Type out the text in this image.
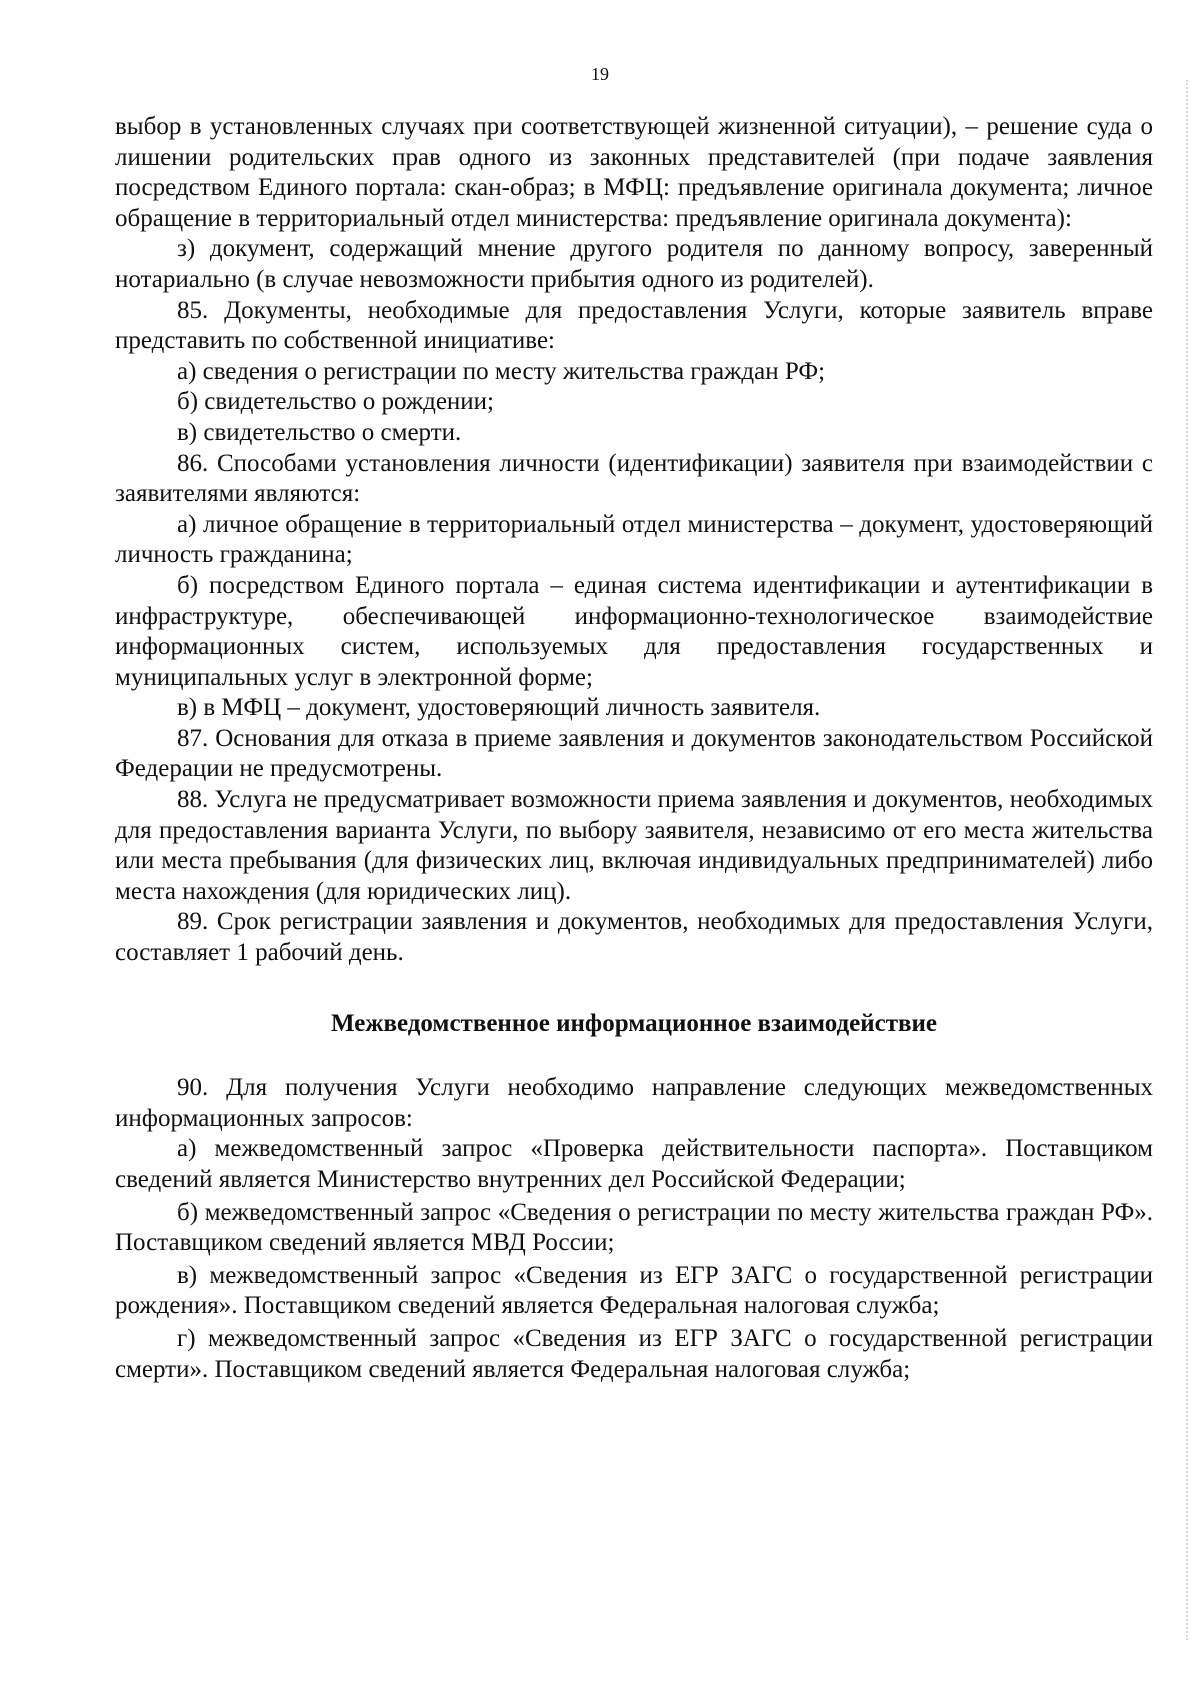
19

выбор в установленных случаях при соответствующей жизненной ситуации), – решение суда о лишении родительских прав одного из законных представителей (при подаче заявления посредством Единого портала: скан-образ; в МФЦ: предъявление оригинала документа; личное обращение в территориальный отдел министерства: предъявление оригинала документа):

з) документ, содержащий мнение другого родителя по данному вопросу, заверенный нотариально (в случае невозможности прибытия одного из родителей).

85. Документы, необходимые для предоставления Услуги, которые заявитель вправе представить по собственной инициативе:

а) сведения о регистрации по месту жительства граждан РФ;

б) свидетельство о рождении;

в) свидетельство о смерти.

86. Способами установления личности (идентификации) заявителя при взаимодействии с заявителями являются:

а) личное обращение в территориальный отдел министерства – документ, удостоверяющий личность гражданина;

б) посредством Единого портала – единая система идентификации и аутентификации в инфраструктуре, обеспечивающей информационно-технологическое взаимодействие информационных систем, используемых для предоставления государственных и муниципальных услуг в электронной форме;

в) в МФЦ – документ, удостоверяющий личность заявителя.

87. Основания для отказа в приеме заявления и документов законодательством Российской Федерации не предусмотрены.

88. Услуга не предусматривает возможности приема заявления и документов, необходимых для предоставления варианта Услуги, по выбору заявителя, независимо от его места жительства или места пребывания (для физических лиц, включая индивидуальных предпринимателей) либо места нахождения (для юридических лиц).

89. Срок регистрации заявления и документов, необходимых для предоставления Услуги, составляет 1 рабочий день.

Межведомственное информационное взаимодействие

90. Для получения Услуги необходимо направление следующих межведомственных информационных запросов:

а) межведомственный запрос «Проверка действительности паспорта». Поставщиком сведений является Министерство внутренних дел Российской Федерации;

б) межведомственный запрос «Сведения о регистрации по месту жительства граждан РФ». Поставщиком сведений является МВД России;

в) межведомственный запрос «Сведения из ЕГР ЗАГС о государственной регистрации рождения». Поставщиком сведений является Федеральная налоговая служба;

г) межведомственный запрос «Сведения из ЕГР ЗАГС о государственной регистрации смерти». Поставщиком сведений является Федеральная налоговая служба;
